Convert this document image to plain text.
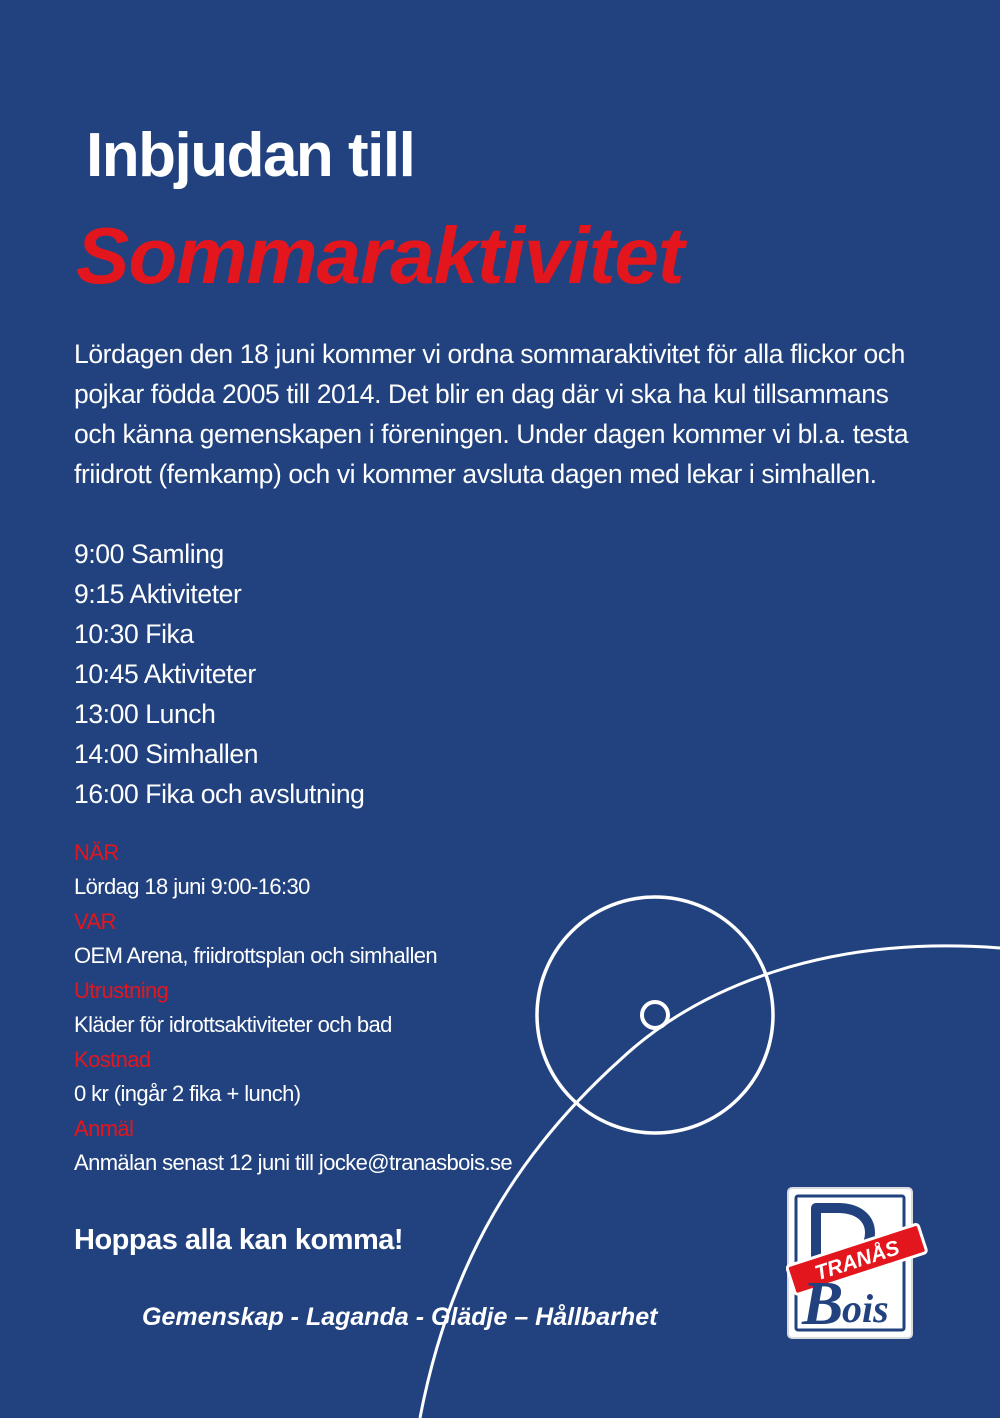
Inbjudan till
Sommaraktivitet

Lördagen den 18 juni kommer vi ordna sommaraktivitet för alla flickor och pojkar födda 2005 till 2014. Det blir en dag där vi ska ha kul tillsammans och känna gemenskapen i föreningen. Under dagen kommer vi bl.a. testa friidrott (femkamp) och vi kommer avsluta dagen med lekar i simhallen.

9:00 Samling
9:15 Aktiviteter
10:30 Fika
10:45 Aktiviteter
13:00 Lunch
14:00 Simhallen
16:00 Fika och avslutning
NÄR
Lördag 18 juni 9:00-16:30
VAR
OEM Arena, friidrottsplan och simhallen
Utrustning
Kläder för idrottsaktiviteter och bad
Kostnad
0 kr (ingår 2 fika + lunch)
Anmäl
Anmälan senast 12 juni till jocke@tranasbois.se

Hoppas alla kan komma!

Gemenskap - Laganda - Glädje – Hållbarhet

TRANÅS
B
ois
